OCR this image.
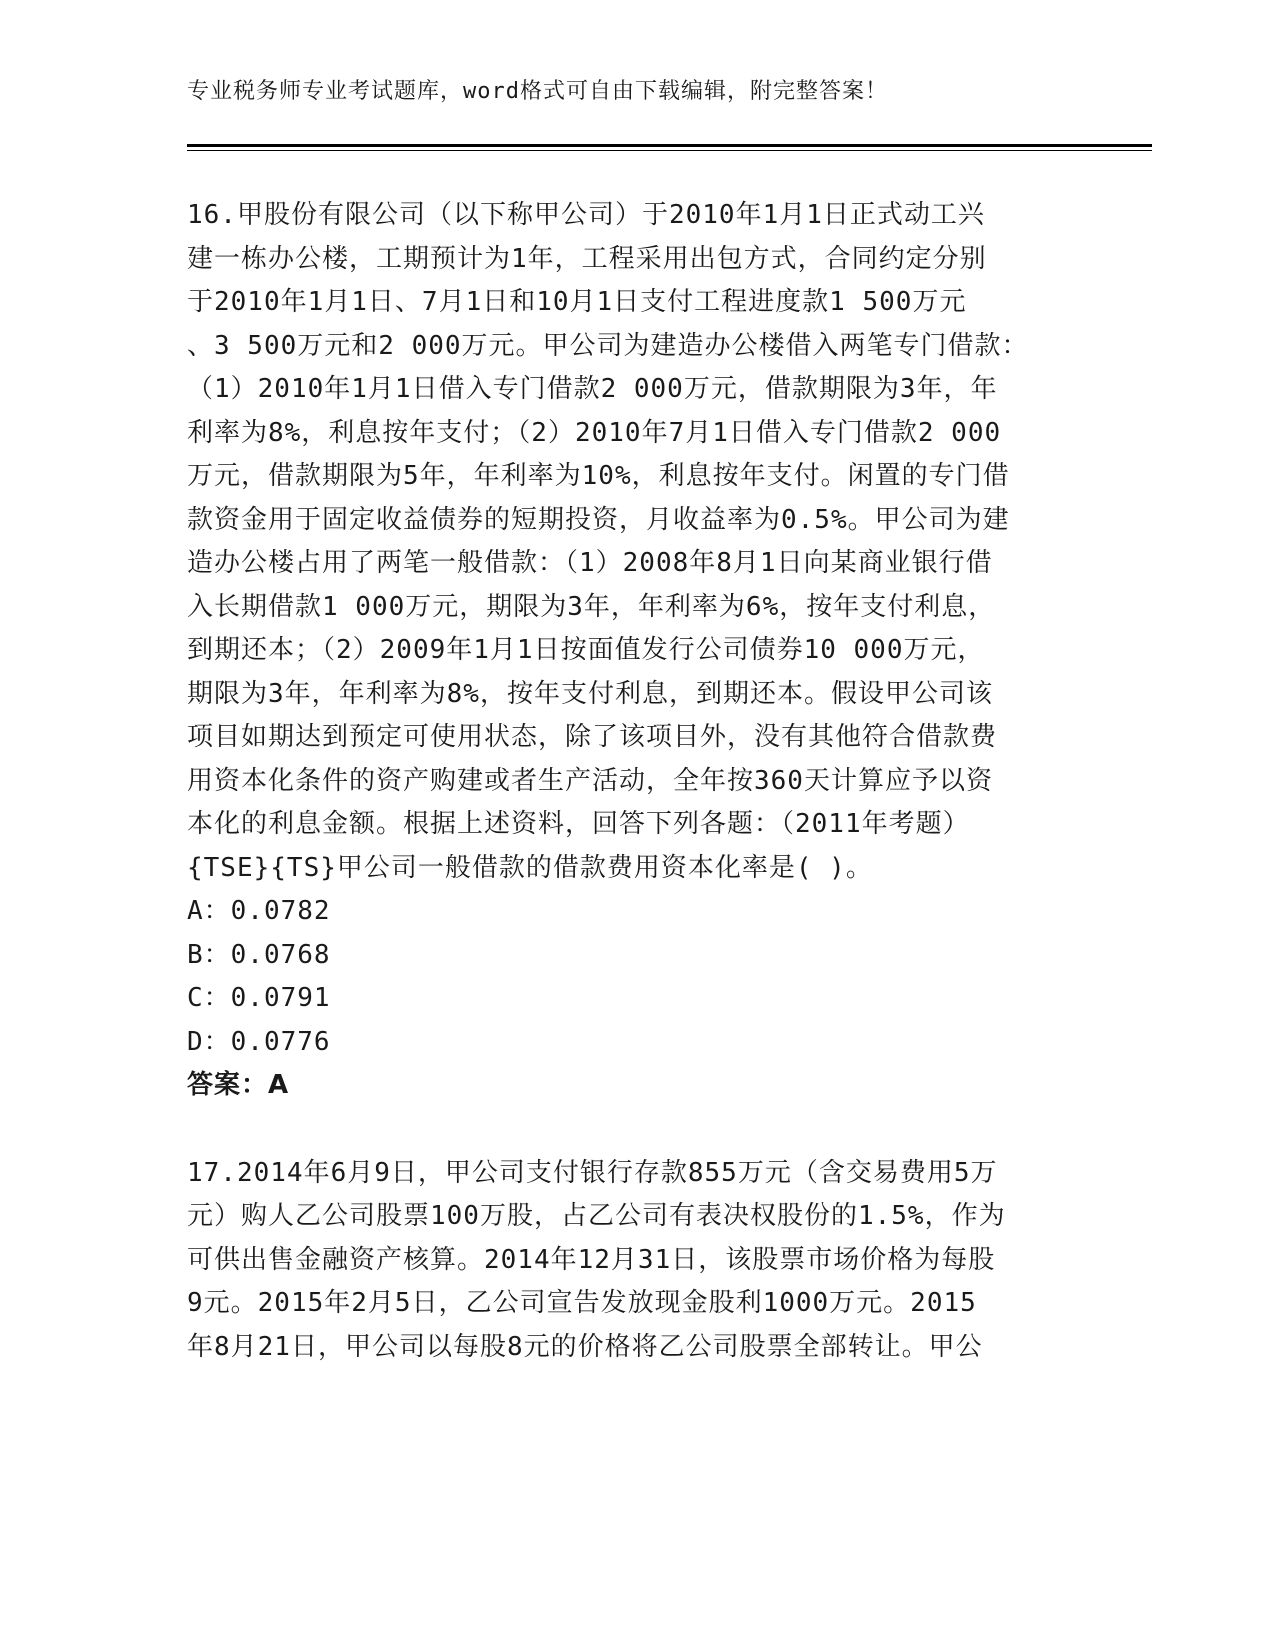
专业税务师专业考试题库，word格式可自由下载编辑，附完整答案！
16.甲股份有限公司（以下称甲公司）于2010年1月1日正式动工兴
建一栋办公楼，工期预计为1年，工程采用出包方式，合同约定分别
于2010年1月1日、7月1日和10月1日支付工程进度款1 500万元
、3 500万元和2 000万元。甲公司为建造办公楼借入两笔专门借款：
（1）2010年1月1日借入专门借款2 000万元，借款期限为3年，年
利率为8%，利息按年支付；（2）2010年7月1日借入专门借款2 000
万元，借款期限为5年，年利率为10%，利息按年支付。闲置的专门借
款资金用于固定收益债券的短期投资，月收益率为0.5%。甲公司为建
造办公楼占用了两笔一般借款：（1）2008年8月1日向某商业银行借
入长期借款1 000万元，期限为3年，年利率为6%，按年支付利息，
到期还本；（2）2009年1月1日按面值发行公司债券10 000万元，
期限为3年，年利率为8%，按年支付利息，到期还本。假设甲公司该
项目如期达到预定可使用状态，除了该项目外，没有其他符合借款费
用资本化条件的资产购建或者生产活动，全年按360天计算应予以资
本化的利息金额。根据上述资料，回答下列各题：（2011年考题）
{TSE}{TS}甲公司一般借款的借款费用资本化率是( )。
A：0.0782
B：0.0768
C：0.0791
D：0.0776
答案：A
17.2014年6月9日，甲公司支付银行存款855万元（含交易费用5万
元）购人乙公司股票100万股，占乙公司有表决权股份的1.5%，作为
可供出售金融资产核算。2014年12月31日，该股票市场价格为每股
9元。2015年2月5日，乙公司宣告发放现金股利1000万元。2015
年8月21日，甲公司以每股8元的价格将乙公司股票全部转让。甲公
